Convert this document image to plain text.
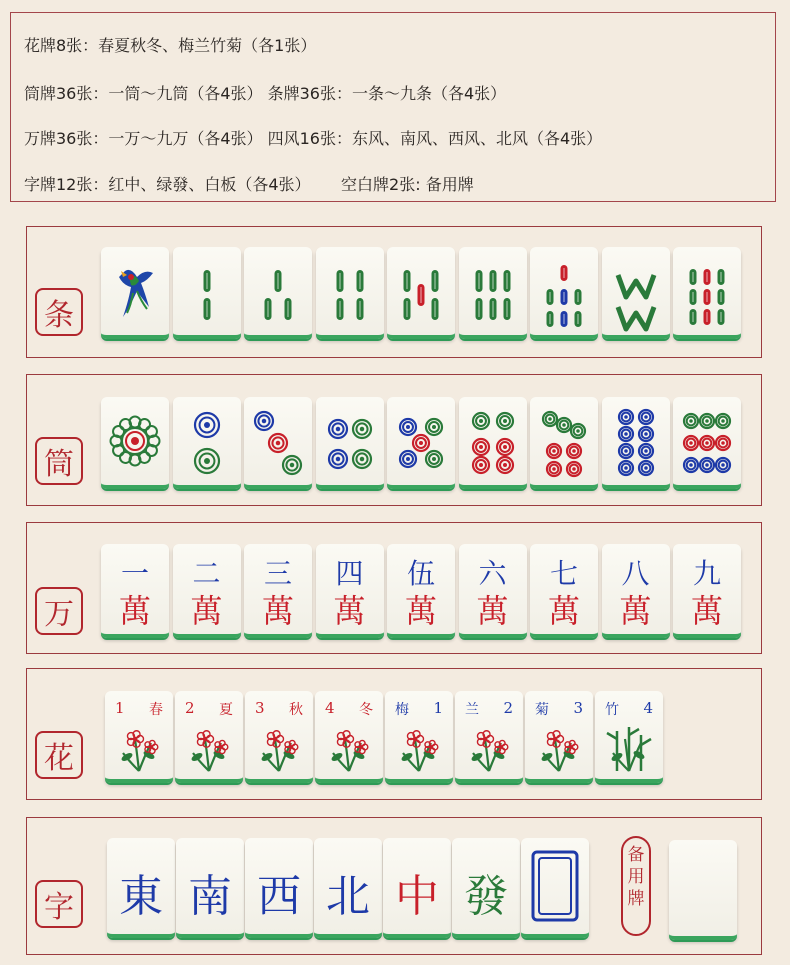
花牌8张：春夏秋冬、梅兰竹菊（各1张）
筒牌36张：一筒～九筒（各4张） 条牌36张：一条～九条（各4张）
万牌36张：一万～九万（各4张） 四风16张：东风、南风、西风、北风（各4张）
字牌12张：红中、绿發、白板（各4张）      空白牌2张: 备用牌
条
筒
万
一
萬
二
萬
三
萬
四
萬
伍
萬
六
萬
七
萬
八
萬
九
萬
花
1 春 2 夏 3 秋 4 冬	1
梅	2
兰	3
菊	4
竹
字 東 南 西 北 中 發
备用牌
